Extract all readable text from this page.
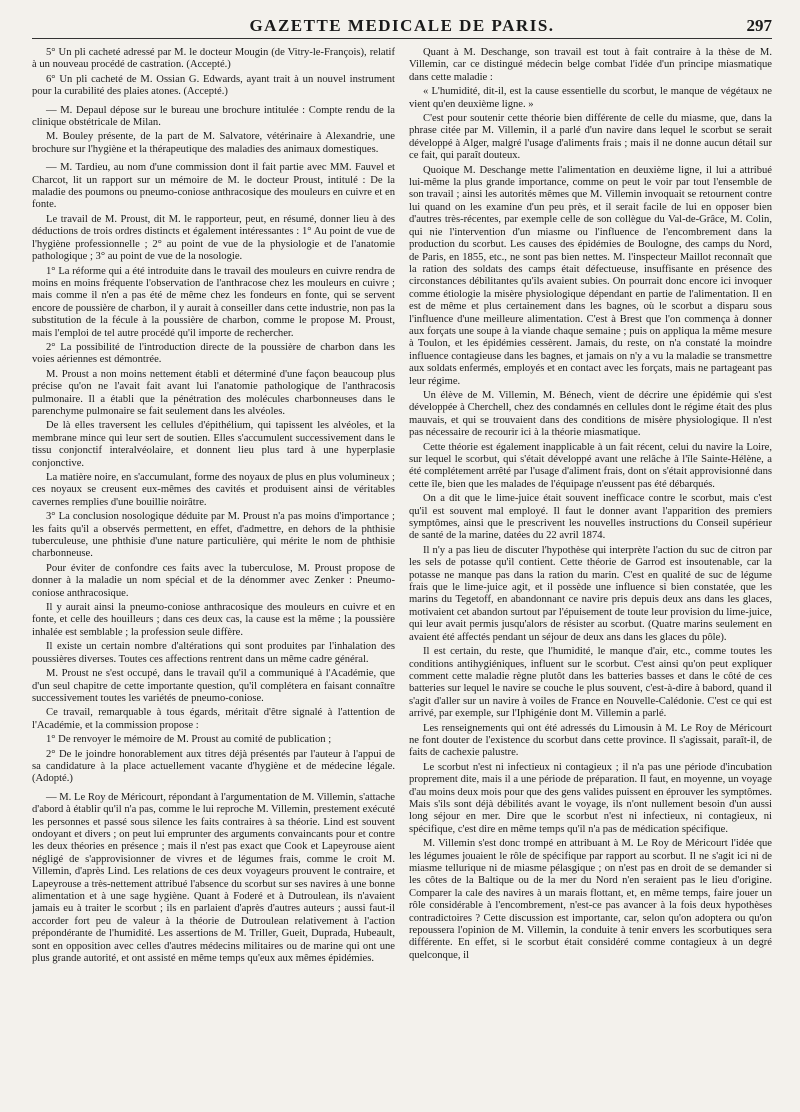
GAZETTE MEDICALE DE PARIS.	297

5° Un pli cacheté adressé par M. le docteur Mougin (de Vitry-le-François), relatif à un nouveau procédé de castration. (Accepté.)

6° Un pli cacheté de M. Ossian G. Edwards, ayant trait à un nouvel instrument pour la curabilité des plaies atones. (Accepté.)

— M. Depaul dépose sur le bureau une brochure intitulée : Compte rendu de la clinique obstétricale de Milan.

M. Bouley présente, de la part de M. Salvatore, vétérinaire à Alexandrie, une brochure sur l'hygiène et la thérapeutique des maladies des animaux domestiques.

— M. Tardieu, au nom d'une commission dont il fait partie avec MM. Fauvel et Charcot, lit un rapport sur un mémoire de M. le docteur Proust, intitulé : De la maladie des poumons ou pneumo-coniose anthracosique des mouleurs en cuivre et en fonte.

Le travail de M. Proust, dit M. le rapporteur, peut, en résumé, donner lieu à des déductions de trois ordres distincts et également intéressantes : 1° Au point de vue de l'hygiène professionnelle ; 2° au point de vue de la physiologie et de l'anatomie pathologique ; 3° au point de vue de la nosologie.

1° La réforme qui a été introduite dans le travail des mouleurs en cuivre rendra de moins en moins fréquente l'observation de l'anthracose chez les mouleurs en cuivre ; mais comme il n'en a pas été de même chez les fondeurs en fonte, qui se servent encore de poussière de charbon, il y aurait à conseiller dans cette industrie, non pas la substitution de la fécule à la poussière de charbon, comme le propose M. Proust, mais l'emploi de tel autre procédé qu'il importe de rechercher.

2° La possibilité de l'introduction directe de la poussière de charbon dans les voies aériennes est démontrée.

M. Proust a non moins nettement établi et déterminé d'une façon beaucoup plus précise qu'on ne l'avait fait avant lui l'anatomie pathologique de l'anthracosis pulmonaire. Il a établi que la pénétration des molécules charbonneuses dans le parenchyme pulmonaire se fait seulement dans les alvéoles.

De là elles traversent les cellules d'épithélium, qui tapissent les alvéoles, et la membrane mince qui leur sert de soutien. Elles s'accumulent successivement dans le tissu conjonctif interalvéolaire, et donnent lieu plus tard à une hyperplasie conjonctive.

La matière noire, en s'accumulant, forme des noyaux de plus en plus volumineux ; ces noyaux se creusent eux-mêmes des cavités et produisent ainsi de véritables cavernes remplies d'une bouillie noirâtre.

3° La conclusion nosologique déduite par M. Proust n'a pas moins d'importance ; les faits qu'il a observés permettent, en effet, d'admettre, en dehors de la phthisie tuberculeuse, une phthisie d'une nature particulière, qui mérite le nom de phthisie charbonneuse.

Pour éviter de confondre ces faits avec la tuberculose, M. Proust propose de donner à la maladie un nom spécial et de la dénommer avec Zenker : Pneumo-coniose anthracosique.

Il y aurait ainsi la pneumo-coniose anthracosique des mouleurs en cuivre et en fonte, et celle des houilleurs ; dans ces deux cas, la cause est la même ; la poussière inhalée est semblable ; la profession seule diffère.

Il existe un certain nombre d'altérations qui sont produites par l'inhalation des poussières diverses. Toutes ces affections rentrent dans un même cadre général.

M. Proust ne s'est occupé, dans le travail qu'il a communiqué à l'Académie, que d'un seul chapitre de cette importante question, qu'il complétera en faisant connaître successivement toutes les variétés de pneumo-coniose.

Ce travail, remarquable à tous égards, méritait d'être signalé à l'attention de l'Académie, et la commission propose :

1° De renvoyer le mémoire de M. Proust au comité de publication ;

2° De le joindre honorablement aux titres déjà présentés par l'auteur à l'appui de sa candidature à la place actuellement vacante d'hygiène et de médecine légale. (Adopté.)

— M. Le Roy de Méricourt, répondant à l'argumentation de M. Villemin, s'attache d'abord à établir qu'il n'a pas, comme le lui reproche M. Villemin, prestement exécuté les personnes et passé sous silence les faits contraires à sa théorie. Lind est souvent ondoyant et divers ; on peut lui emprunter des arguments convaincants pour et contre les deux théories en présence ; mais il n'est pas exact que Cook et Lapeyrouse aient négligé de s'approvisionner de vivres et de légumes frais, comme le croit M. Villemin, d'après Lind. Les relations de ces deux voyageurs prouvent le contraire, et Lapeyrouse a très-nettement attribué l'absence du scorbut sur ses navires à une bonne alimentation et à une sage hygiène. Quant à Foderé et à Dutroulean, ils n'avaient jamais eu à traiter le scorbut ; ils en parlaient d'après d'autres auteurs ; aussi faut-il accorder fort peu de valeur à la théorie de Dutroulean relativement à l'action prépondérante de l'humidité. Les assertions de M. Triller, Gueit, Duprada, Hubeault, sont en opposition avec celles d'autres médecins militaires ou de marine qui ont une plus grande autorité, et ont assisté en même temps qu'eux aux mêmes épidémies.

Quant à M. Deschange, son travail est tout à fait contraire à la thèse de M. Villemin, car ce distingué médecin belge combat l'idée d'un principe miasmatique dans cette maladie :

« L'humidité, dit-il, est la cause essentielle du scorbut, le manque de végétaux ne vient qu'en deuxième ligne. »

C'est pour soutenir cette théorie bien différente de celle du miasme, que, dans la phrase citée par M. Villemin, il a parlé d'un navire dans lequel le scorbut se serait développé à Alger, malgré l'usage d'aliments frais ; mais il ne donne aucun détail sur ce fait, qui paraît douteux.

Quoique M. Deschange mette l'alimentation en deuxième ligne, il lui a attribué lui-même la plus grande importance, comme on peut le voir par tout l'ensemble de son travail ; ainsi les autorités mêmes que M. Villemin invoquait se retournent contre lui quand on les examine d'un peu près, et il serait facile de lui en opposer bien d'autres très-récentes, par exemple celle de son collègue du Val-de-Grâce, M. Colin, qui nie l'intervention d'un miasme ou l'influence de l'encombrement dans la production du scorbut. Les causes des épidémies de Boulogne, des camps du Nord, de Paris, en 1855, etc., ne sont pas bien nettes. M. l'inspecteur Maillot reconnaît que la ration des soldats des camps était défectueuse, insuffisante en présence des circonstances débilitantes qu'ils avaient subies. On pourrait donc encore ici invoquer comme étiologie la misère physiologique dépendant en partie de l'alimentation. Il en est de même et plus certainement dans les bagnes, où le scorbut a disparu sous l'influence d'une meilleure alimentation. C'est à Brest que l'on commença à donner aux forçats une soupe à la viande chaque semaine ; puis on appliqua la même mesure à Toulon, et les épidémies cessèrent. Jamais, du reste, on n'a constaté la moindre influence contagieuse dans les bagnes, et jamais on n'y a vu la maladie se transmettre aux soldats enfermés, employés et en contact avec les forçats, mais ne partageant pas leur régime.

Un élève de M. Villemin, M. Bénech, vient de décrire une épidémie qui s'est développée à Cherchell, chez des condamnés en cellules dont le régime était des plus mauvais, et qui se trouvaient dans des conditions de misère physiologique. Il n'est pas nécessaire de recourir ici à la théorie miasmatique.

Cette théorie est également inapplicable à un fait récent, celui du navire la Loire, sur lequel le scorbut, qui s'était développé avant une relâche à l'île Sainte-Hélène, a été complétement arrêté par l'usage d'aliment frais, dont on s'était approvisionné dans cette île, bien que les malades de l'équipage n'eussent pas été débarqués.

On a dit que le lime-juice était souvent inefficace contre le scorbut, mais c'est qu'il est souvent mal employé. Il faut le donner avant l'apparition des premiers symptômes, ainsi que le prescrivent les nouvelles instructions du Conseil supérieur de santé de la marine, datées du 22 avril 1874.

Il n'y a pas lieu de discuter l'hypothèse qui interprète l'action du suc de citron par les sels de potasse qu'il contient. Cette théorie de Garrod est insoutenable, car la potasse ne manque pas dans la ration du marin. C'est en qualité de suc de légume frais que le lime-juice agit, et il possède une influence si bien constatée, que les marins du Tegetoff, en abandonnant ce navire pris depuis deux ans dans les glaces, motivaient cet abandon surtout par l'épuisement de toute leur provision du lime-juice, qui leur avait permis jusqu'alors de résister au scorbut. (Quatre marins seulement en avaient été affectés pendant un séjour de deux ans dans les glaces du pôle).

Il est certain, du reste, que l'humidité, le manque d'air, etc., comme toutes les conditions antihygiéniques, influent sur le scorbut. C'est ainsi qu'on peut expliquer comment cette maladie règne plutôt dans les batteries basses et dans le côté de ces batteries sur lequel le navire se couche le plus souvent, c'est-à-dire à babord, quand il s'agit d'aller sur un navire à voiles de France en Nouvelle-Calédonie. C'est ce qui est arrivé, par exemple, sur l'Iphigénie dont M. Villemin a parlé.

Les renseignements qui ont été adressés du Limousin à M. Le Roy de Méricourt ne font douter de l'existence du scorbut dans cette province. Il s'agissait, paraît-il, de faits de cachexie palustre.

Le scorbut n'est ni infectieux ni contagieux ; il n'a pas une période d'incubation proprement dite, mais il a une période de préparation. Il faut, en moyenne, un voyage d'au moins deux mois pour que des gens valides puissent en éprouver les symptômes. Mais s'ils sont déjà débilités avant le voyage, ils n'ont nullement besoin d'un aussi long séjour en mer. Dire que le scorbut n'est ni infectieux, ni contagieux, ni spécifique, c'est dire en même temps qu'il n'a pas de médication spécifique.

M. Villemin s'est donc trompé en attribuant à M. Le Roy de Méricourt l'idée que les légumes jouaient le rôle de spécifique par rapport au scorbut. Il ne s'agit ici ni de miasme tellurique ni de miasme pélasgique ; on n'est pas en droit de se demander si les côtes de la Baltique ou de la mer du Nord n'en seraient pas le lieu d'origine. Comparer la cale des navires à un marais flottant, et, en même temps, faire jouer un rôle considérable à l'encombrement, n'est-ce pas avancer à la fois deux hypothèses contradictoires ? Cette discussion est importante, car, selon qu'on adoptera ou qu'on repoussera l'opinion de M. Villemin, la conduite à tenir envers les scorbutiques sera différente. En effet, si le scorbut était considéré comme contagieux à un degré quelconque, il
